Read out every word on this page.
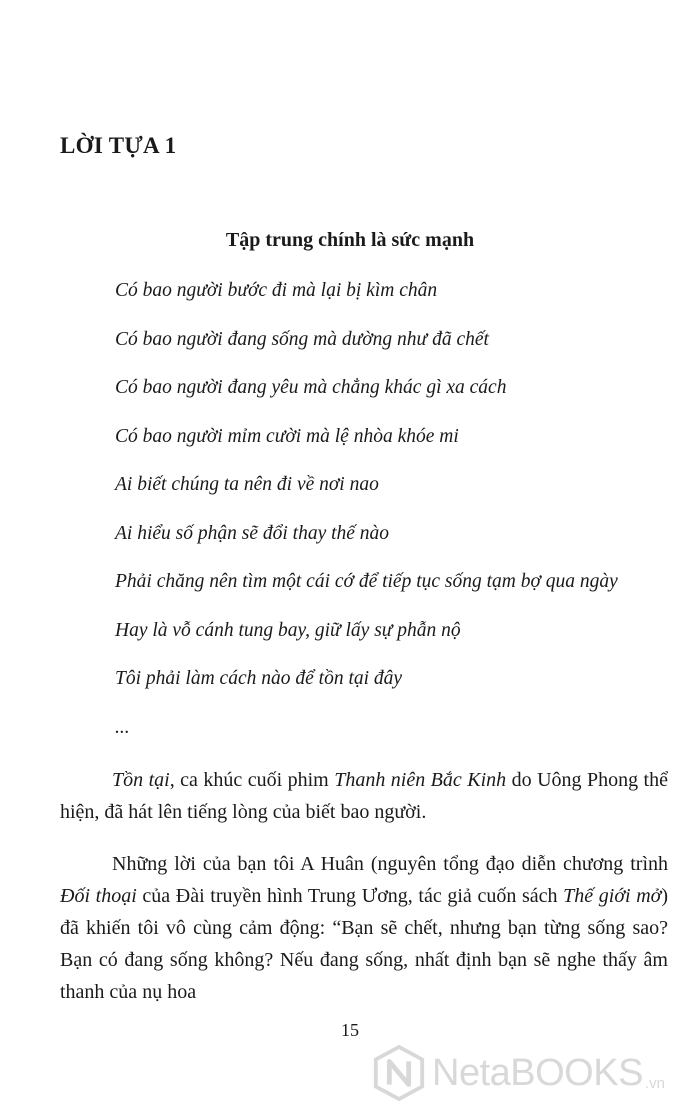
LỜI TỰA 1
Tập trung chính là sức mạnh
Có bao người bước đi mà lại bị kìm chân
Có bao người đang sống mà dường như đã chết
Có bao người đang yêu mà chẳng khác gì xa cách
Có bao người mỉm cười mà lệ nhòa khóe mi
Ai biết chúng ta nên đi về nơi nao
Ai hiểu số phận sẽ đổi thay thế nào
Phải chăng nên tìm một cái cớ để tiếp tục sống tạm bợ qua ngày
Hay là vỗ cánh tung bay, giữ lấy sự phẫn nộ
Tôi phải làm cách nào để tồn tại đây
...

Tồn tại, ca khúc cuối phim Thanh niên Bắc Kinh do Uông Phong thể hiện, đã hát lên tiếng lòng của biết bao người.

Những lời của bạn tôi A Huân (nguyên tổng đạo diễn chương trình Đối thoại của Đài truyền hình Trung Ương, tác giả cuốn sách Thế giới mở) đã khiến tôi vô cùng cảm động: “Bạn sẽ chết, nhưng bạn từng sống sao? Bạn có đang sống không? Nếu đang sống, nhất định bạn sẽ nghe thấy âm thanh của nụ hoa

15
NetaBOOKS .vn
